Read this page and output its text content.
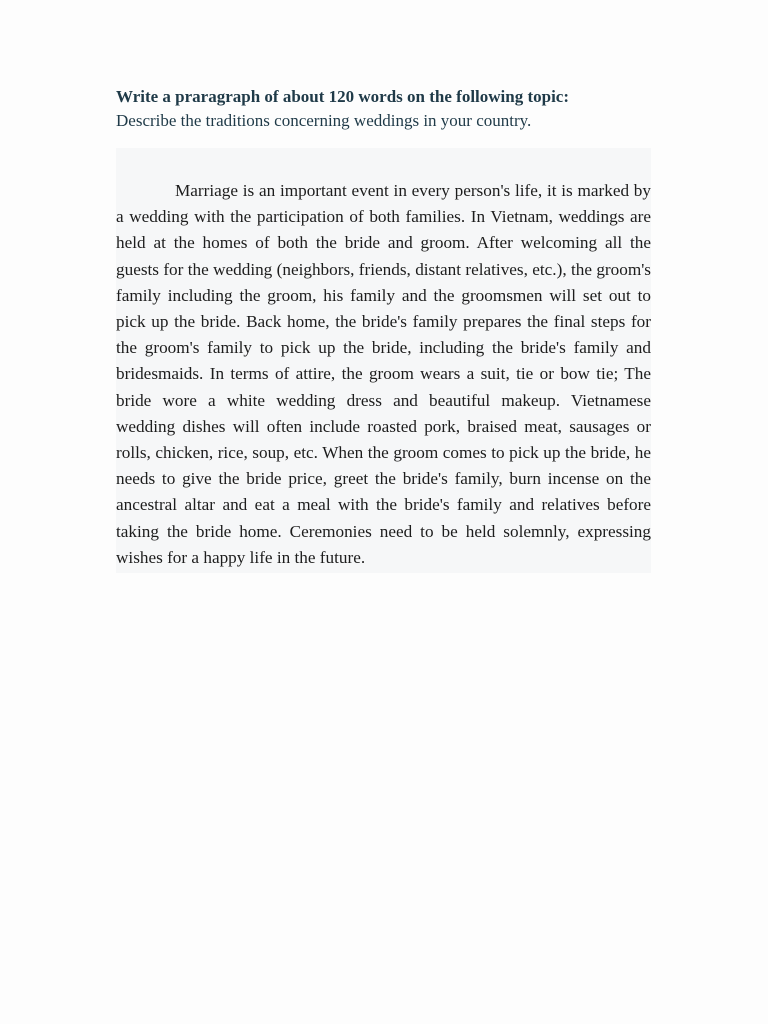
Write a prаragraph of about 120 words on the following topic:

Describe the traditions concerning weddings in your country.

Marriage is an important event in every person's life, it is marked by a wedding with the participation of both families. In Vietnam, weddings are held at the homes of both the bride and groom. After welcoming all the guests for the wedding (neighbors, friends, distant relatives, etc.), the groom's family including the groom, his family and the groomsmen will set out to pick up the bride. Back home, the bride's family prepares the final steps for the groom's family to pick up the bride, including the bride's family and bridesmaids. In terms of attire, the groom wears a suit, tie or bow tie; The bride wore a white wedding dress and beautiful makeup. Vietnamese wedding dishes will often include roasted pork, braised meat, sausages or rolls, chicken, rice, soup, etc. When the groom comes to pick up the bride, he needs to give the bride price, greet the bride's family, burn incense on the ancestral altar and eat a meal with the bride's family and relatives before taking the bride home. Ceremonies need to be held solemnly, expressing wishes for a happy life in the future.
